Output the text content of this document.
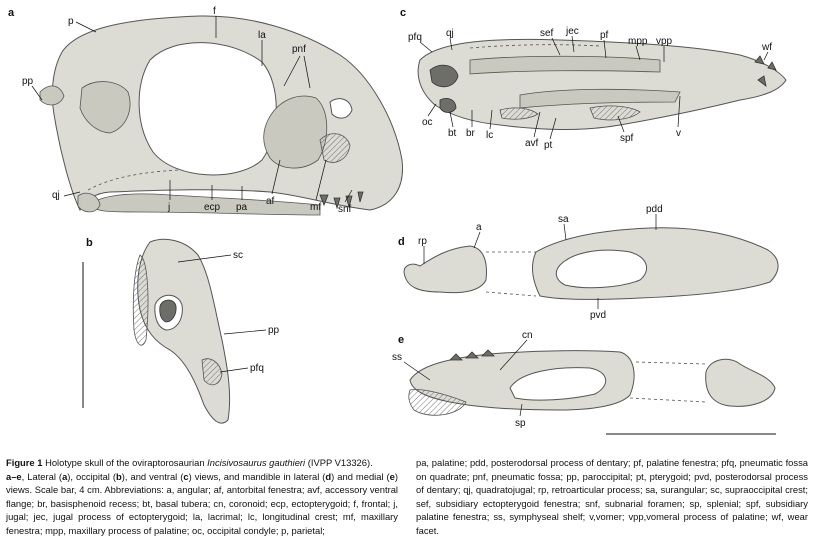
a
p
f
la
pnf
pp
qj
j	ecp pa
af
mf snf
b
sc
pp
pfq
c
pfq qj	sef jec pf
mpp vpp
wf
oc
bt br lc
avf pt
spf	v
d rp
a
sa
pdd
pvd
e	cn
ss
sp
Figure 1 Holotype skull of the oviraptorosaurian Incisivosaurus gauthieri (IVPP V13326).
a–e, Lateral (a), occipital (b), and ventral (c) views, and mandible in lateral (d) and medial (e) views. Scale bar, 4 cm. Abbreviations: a, angular; af, antorbital fenestra; avf, accessory ventral flange; br, basisphenoid recess; bt, basal tubera; cn, coronoid; ecp, ectopterygoid; f, frontal; j, jugal; jec, jugal process of ectopterygoid; la, lacrimal; lc, longitudinal crest; mf, maxillary fenestra; mpp, maxillary process of palatine; oc, occipital condyle; p, parietal;
pa, palatine; pdd, posterodorsal process of dentary; pf, palatine fenestra; pfq, pneumatic fossa on quadrate; pnf, pneumatic fossa; pp, paroccipital; pt, pterygoid; pvd, posterodorsal process of dentary; qj, quadratojugal; rp, retroarticular process; sa, surangular; sc, supraoccipital crest; sef, subsidiary ectopterygoid fenestra; snf, subnarial foramen; sp, splenial; spf, subsidiary palatine fenestra; ss, symphyseal shelf; v,vomer; vpp,vomeral process of palatine; wf, wear facet.
